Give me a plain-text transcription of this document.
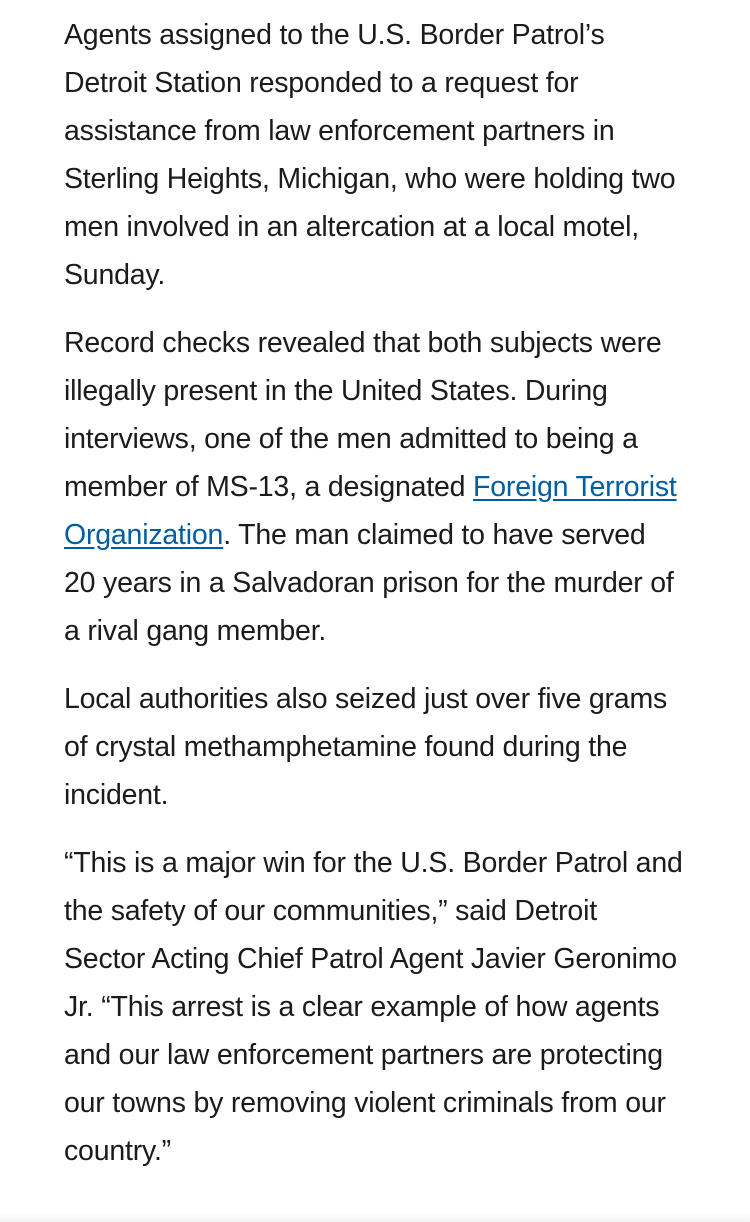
Agents assigned to the U.S. Border Patrol’s Detroit Station responded to a request for assistance from law enforcement partners in Sterling Heights, Michigan, who were holding two men involved in an altercation at a local motel, Sunday.

Record checks revealed that both subjects were illegally present in the United States. During interviews, one of the men admitted to being a member of MS-13, a designated Foreign Terrorist Organization. The man claimed to have served 20 years in a Salvadoran prison for the murder of a rival gang member.

Local authorities also seized just over five grams of crystal methamphetamine found during the incident.

“This is a major win for the U.S. Border Patrol and the safety of our communities,” said Detroit Sector Acting Chief Patrol Agent Javier Geronimo Jr. “This arrest is a clear example of how agents and our law enforcement partners are protecting our towns by removing violent criminals from our country.”
